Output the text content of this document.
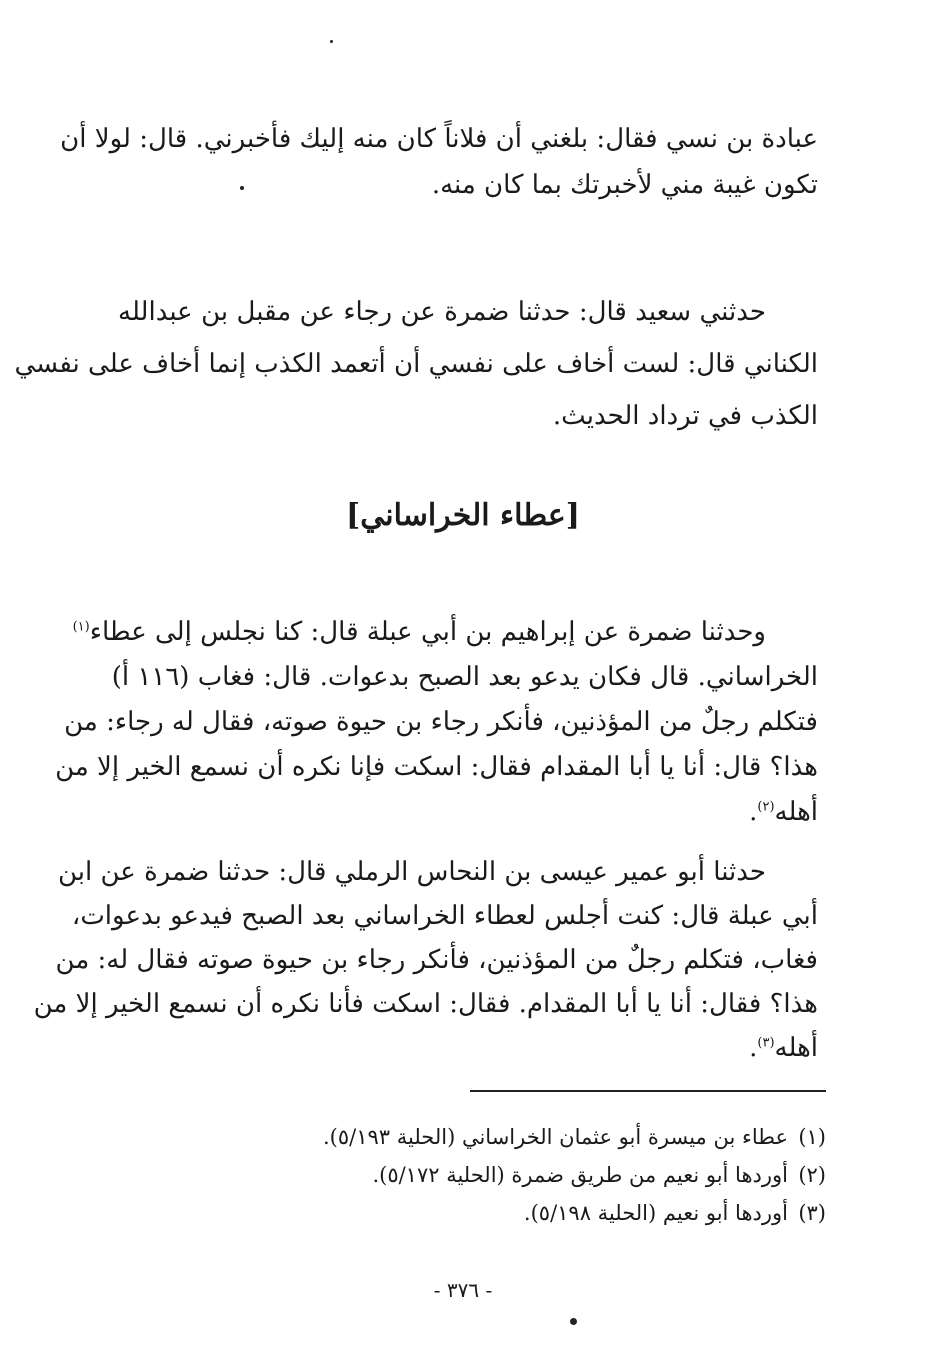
عبادة بن نسي فقال: بلغني أن فلاناً كان منه إليك فأخبرني. قال: لولا أن
تكون غيبة مني لأخبرتك بما كان منه.
حدثني سعيد قال: حدثنا ضمرة عن رجاء عن مقبل بن عبدالله
الكناني قال: لست أخاف على نفسي أن أتعمد الكذب إنما أخاف على نفسي
الكذب في ترداد الحديث.
[عطاء الخراساني]
وحدثنا ضمرة عن إبراهيم بن أبي عبلة قال: كنا نجلس إلى عطاء$^{(١)}$
الخراساني. قال فكان يدعو بعد الصبح بدعوات. قال: فغاب (١١٦ أ)
فتكلم رجلٌ من المؤذنين، فأنكر رجاء بن حيوة صوته، فقال له رجاء: من
هذا؟ قال: أنا يا أبا المقدام فقال: اسكت فإنا نكره أن نسمع الخير إلا من
أهله$^{(٢)}$.
حدثنا أبو عمير عيسى بن النحاس الرملي قال: حدثنا ضمرة عن ابن
أبي عبلة قال: كنت أجلس لعطاء الخراساني بعد الصبح فيدعو بدعوات،
فغاب، فتكلم رجلٌ من المؤذنين، فأنكر رجاء بن حيوة صوته فقال له: من
هذا؟ فقال: أنا يا أبا المقدام. فقال: اسكت فأنا نكره أن نسمع الخير إلا من
أهله$^{(٣)}$.
(١)عطاء بن ميسرة أبو عثمان الخراساني (الحلية ٥/١٩٣).
(٢)أوردها أبو نعيم من طريق ضمرة (الحلية ٥/١٧٢).
(٣)أوردها أبو نعيم (الحلية ٥/١٩٨).
- ٣٧٦ -
